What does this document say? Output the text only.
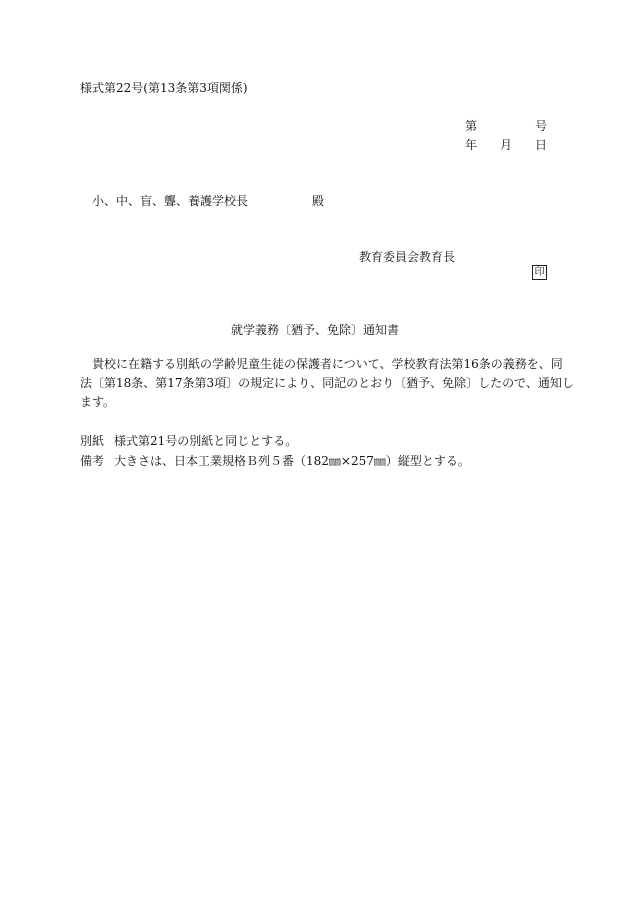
様式第22号(第13条第3項関係)
第	号
年 月 日
小、中、盲、聾、養護学校長	殿
教育委員会教育長
印
就学義務〔猶予、免除〕通知書
　貴校に在籍する別紙の学齢児童生徒の保護者について、学校教育法第16条の義務を、同
法〔第18条、第17条第3項〕の規定により、同記のとおり〔猶予、免除〕したので、通知し
ます。
別紙 様式第21号の別紙と同じとする。
備考 大きさは、日本工業規格Ｂ列５番（182㎜×257㎜）縦型とする。
